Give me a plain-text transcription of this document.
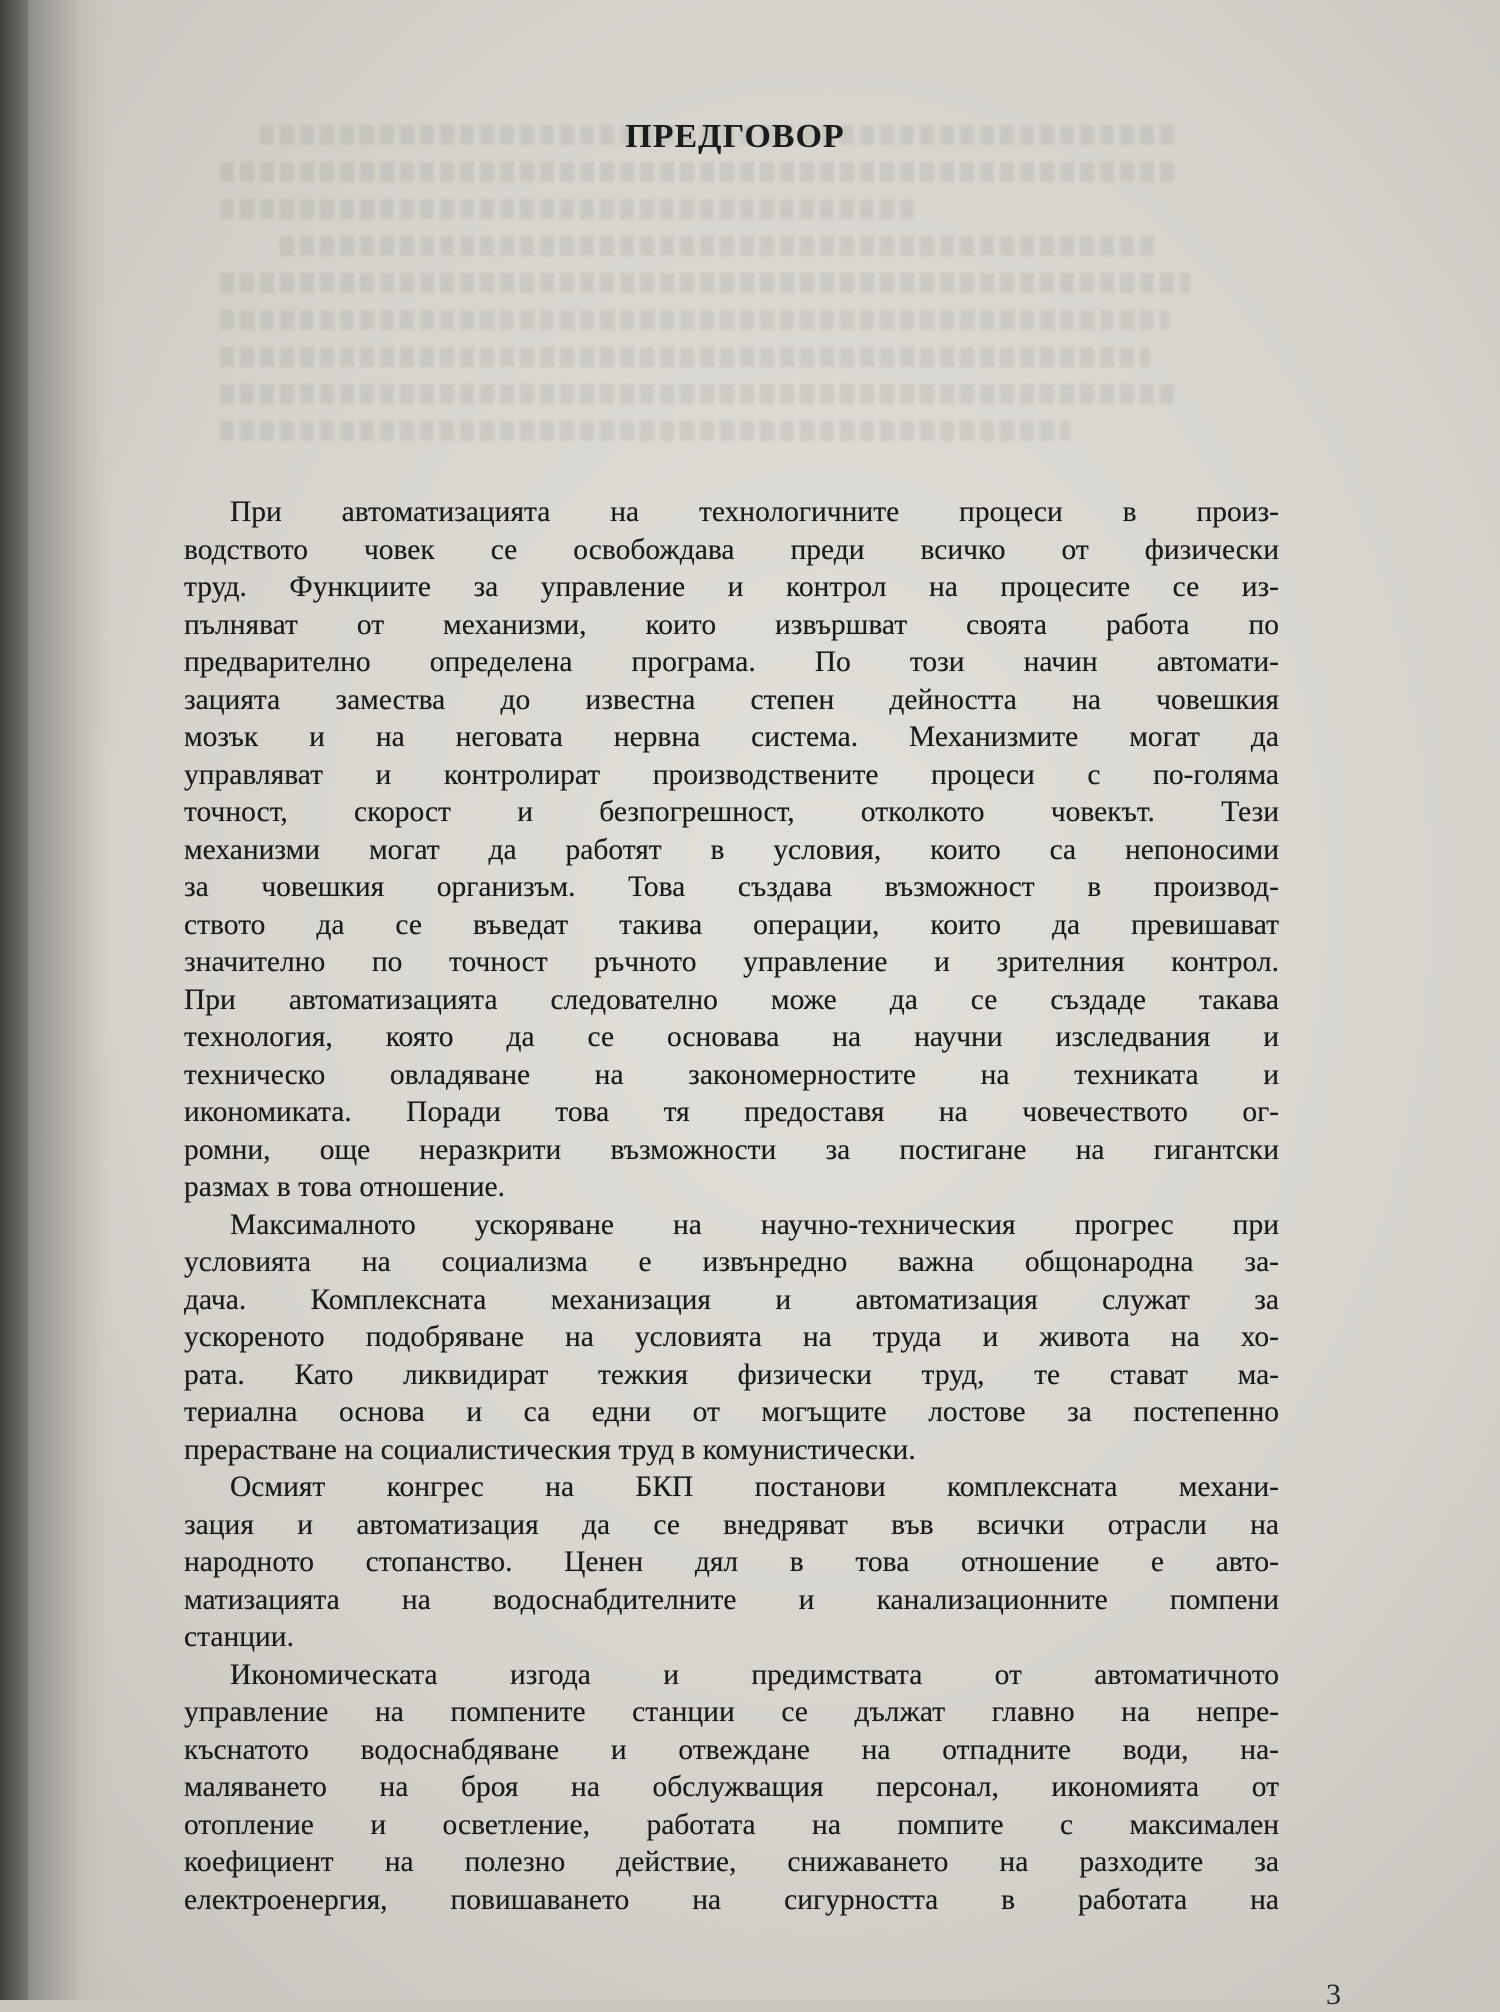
ПРЕДГОВОР
При автоматизацията на технологичните процеси в произ-
водството човек се освобождава преди всичко от физически
труд. Функциите за управление и контрол на процесите се из-
пълняват от механизми, които извършват своята работа по
предварително определена програма. По този начин автомати-
зацията замества до известна степен дейността на човешкия
мозък и на неговата нервна система. Механизмите могат да
управляват и контролират производствените процеси с по-голяма
точност, скорост и безпогрешност, отколкото човекът. Тези
механизми могат да работят в условия, които са непоносими
за човешкия организъм. Това създава възможност в производ-
ството да се въведат такива операции, които да превишават
значително по точност ръчното управление и зрителния контрол.
При автоматизацията следователно може да се създаде такава
технология, която да се основава на научни изследвания и
техническо овладяване на закономерностите на техниката и
икономиката. Поради това тя предоставя на човечеството ог-
ромни, още неразкрити възможности за постигане на гигантски
размах в това отношение.
Максималното ускоряване на научно-техническия прогрес при
условията на социализма е извънредно важна общонародна за-
дача. Комплексната механизация и автоматизация служат за
ускореното подобряване на условията на труда и живота на хо-
рата. Като ликвидират тежкия физически труд, те стават ма-
териална основа и са едни от могъщите лостове за постепенно
прерастване на социалистическия труд в комунистически.
Осмият конгрес на БКП постанови комплексната механи-
зация и автоматизация да се внедряват във всички отрасли на
народното стопанство. Ценен дял в това отношение е авто-
матизацията на водоснабдителните и канализационните помпени
станции.
Икономическата изгода и предимствата от автоматичното
управление на помпените станции се дължат главно на непре-
къснатото водоснабдяване и отвеждане на отпадните води, на-
маляването на броя на обслужващия персонал, икономията от
отопление и осветление, работата на помпите с максимален
коефициент на полезно действие, снижаването на разходите за
електроенергия, повишаването на сигурността в работата на
3
